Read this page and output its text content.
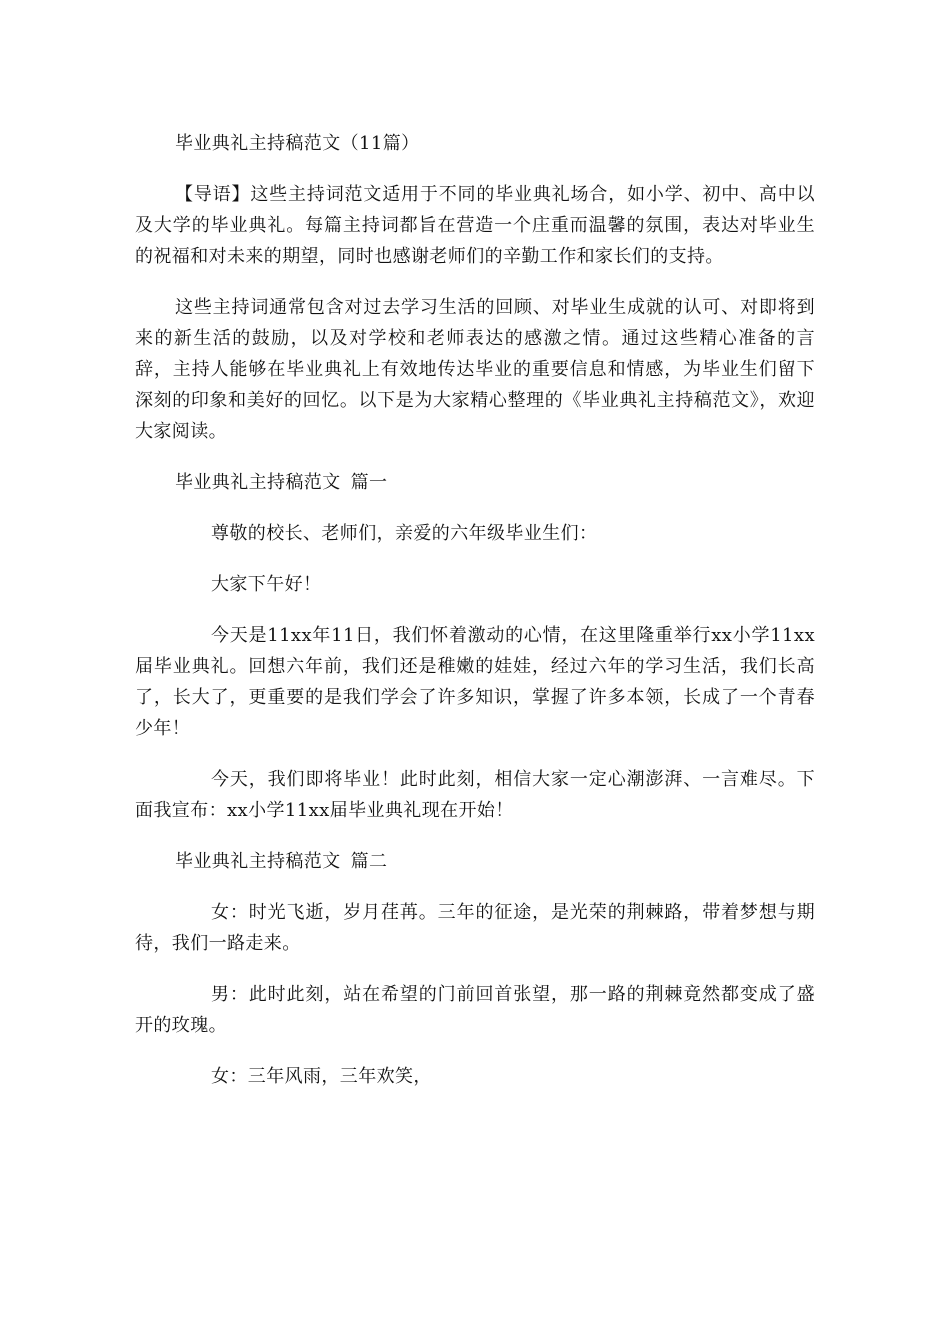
毕业典礼主持稿范文（11篇）

【导语】这些主持词范文适用于不同的毕业典礼场合，如小学、初中、高中以及大学的毕业典礼。每篇主持词都旨在营造一个庄重而温馨的氛围，表达对毕业生的祝福和对未来的期望，同时也感谢老师们的辛勤工作和家长们的支持。

这些主持词通常包含对过去学习生活的回顾、对毕业生成就的认可、对即将到来的新生活的鼓励，以及对学校和老师表达的感激之情。通过这些精心准备的言辞，主持人能够在毕业典礼上有效地传达毕业的重要信息和情感，为毕业生们留下深刻的印象和美好的回忆。以下是为大家精心整理的《毕业典礼主持稿范文》，欢迎大家阅读。

毕业典礼主持稿范文 篇一

尊敬的校长、老师们，亲爱的六年级毕业生们：

大家下午好！

今天是11xx年11日，我们怀着激动的心情，在这里隆重举行xx小学11xx届毕业典礼。回想六年前，我们还是稚嫩的娃娃，经过六年的学习生活，我们长高了，长大了，更重要的是我们学会了许多知识，掌握了许多本领，长成了一个青春少年！

今天，我们即将毕业！此时此刻，相信大家一定心潮澎湃、一言难尽。下面我宣布：xx小学11xx届毕业典礼现在开始！

毕业典礼主持稿范文 篇二

女：时光飞逝，岁月荏苒。三年的征途，是光荣的荆棘路，带着梦想与期待，我们一路走来。

男：此时此刻，站在希望的门前回首张望，那一路的荆棘竟然都变成了盛开的玫瑰。

女：三年风雨，三年欢笑，
